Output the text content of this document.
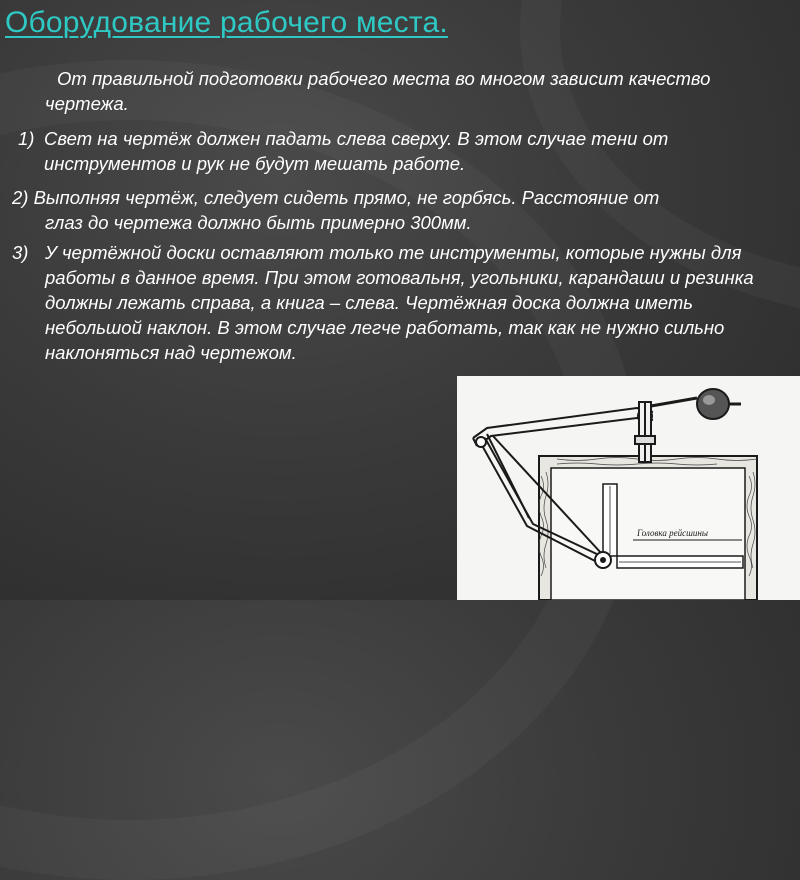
Оборудование рабочего места.

От правильной подготовки рабочего места во многом зависит качество чертежа.

1) Свет на чертёж должен падать слева сверху. В этом случае тени от инструментов и рук не будут мешать работе.
2) Выполняя чертёж, следует сидеть прямо, не горбясь. Расстояние от
глаз до чертежа должно быть примерно 300мм.
3) У чертёжной доски оставляют только те инструменты, которые нужны для работы в данное время. При этом готовальня, угольники, карандаши и резинка должны лежать справа, а книга – слева. Чертёжная доска должна иметь небольшой наклон. В этом случае легче работать, так как не нужно сильно наклоняться над чертежом.
Головка рейсшины
